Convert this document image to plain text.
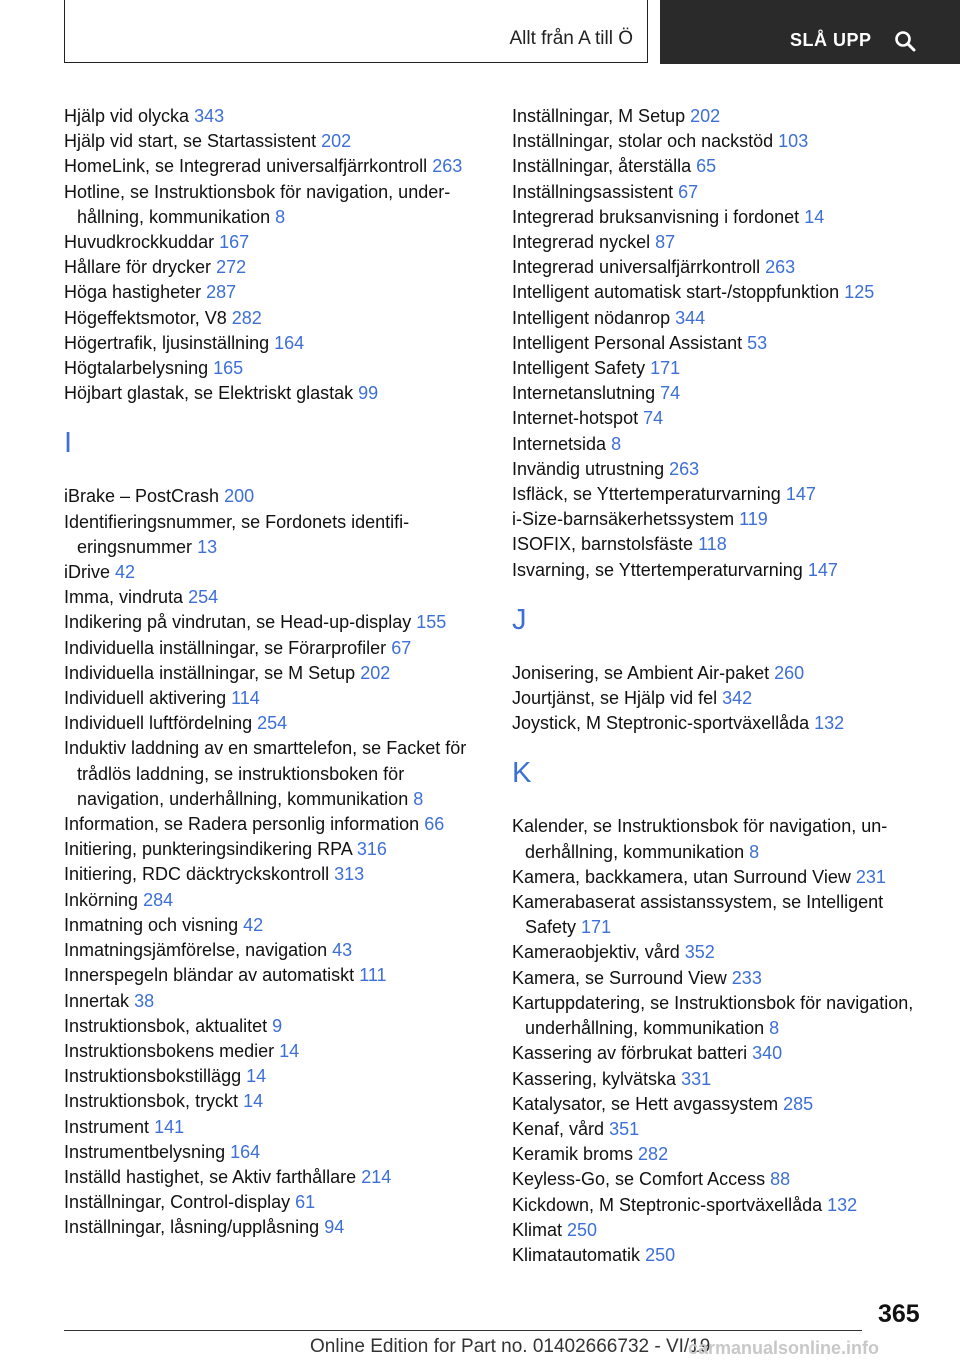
Allt från A till Ö	SLÅ UPP
Hjälp vid olycka 343
Hjälp vid start, se Startassistent 202
HomeLink, se Integrerad universalfjärrkontroll 263
Hotline, se Instruktionsbok för navigation, underhållning, kommunikation 8
Huvudkrockkuddar 167
Hållare för drycker 272
Höga hastigheter 287
Högeffektsmotor, V8 282
Högertrafik, ljusinställning 164
Högtalarbelysning 165
Höjbart glastak, se Elektriskt glastak 99
I
iBrake – PostCrash 200
Identifieringsnummer, se Fordonets identifieringsnummer 13
iDrive 42
Imma, vindruta 254
Indikering på vindrutan, se Head-up-display 155
Individuella inställningar, se Förarprofiler 67
Individuella inställningar, se M Setup 202
Individuell aktivering 114
Individuell luftfördelning 254
Induktiv laddning av en smarttelefon, se Facket för trådlös laddning, se instruktionsboken för navigation, underhållning, kommunikation 8
Information, se Radera personlig information 66
Initiering, punkteringsindikering RPA 316
Initiering, RDC däcktryckskontroll 313
Inkörning 284
Inmatning och visning 42
Inmatningsjämförelse, navigation 43
Innerspegeln bländar av automatiskt 111
Innertak 38
Instruktionsbok, aktualitet 9
Instruktionsbokens medier 14
Instruktionsbokstillägg 14
Instruktionsbok, tryckt 14
Instrument 141
Instrumentbelysning 164
Inställd hastighet, se Aktiv farthållare 214
Inställningar, Control-display 61
Inställningar, låsning/upplåsning 94
Inställningar, M Setup 202
Inställningar, stolar och nackstöd 103
Inställningar, återställa 65
Inställningsassistent 67
Integrerad bruksanvisning i fordonet 14
Integrerad nyckel 87
Integrerad universalfjärrkontroll 263
Intelligent automatisk start-/stoppfunktion 125
Intelligent nödanrop 344
Intelligent Personal Assistant 53
Intelligent Safety 171
Internetanslutning 74
Internet-hotspot 74
Internetsida 8
Invändig utrustning 263
Isfläck, se Yttertemperaturvarning 147
i-Size-barnsäkerhetssystem 119
ISOFIX, barnstolsfäste 118
Isvarning, se Yttertemperaturvarning 147
J
Jonisering, se Ambient Air-paket 260
Jourtjänst, se Hjälp vid fel 342
Joystick, M Steptronic-sportväxellåda 132
K
Kalender, se Instruktionsbok för navigation, underhållning, kommunikation 8
Kamera, backkamera, utan Surround View 231
Kamerabaserat assistanssystem, se Intelligent Safety 171
Kameraobjektiv, vård 352
Kamera, se Surround View 233
Kartuppdatering, se Instruktionsbok för navigation, underhållning, kommunikation 8
Kassering av förbrukat batteri 340
Kassering, kylvätska 331
Katalysator, se Hett avgassystem 285
Kenaf, vård 351
Keramik broms 282
Keyless-Go, se Comfort Access 88
Kickdown, M Steptronic-sportväxellåda 132
Klimat 250
Klimatautomatik 250
365
Online Edition for Part no. 01402666732 - VI/19
carmanualsonline.info
